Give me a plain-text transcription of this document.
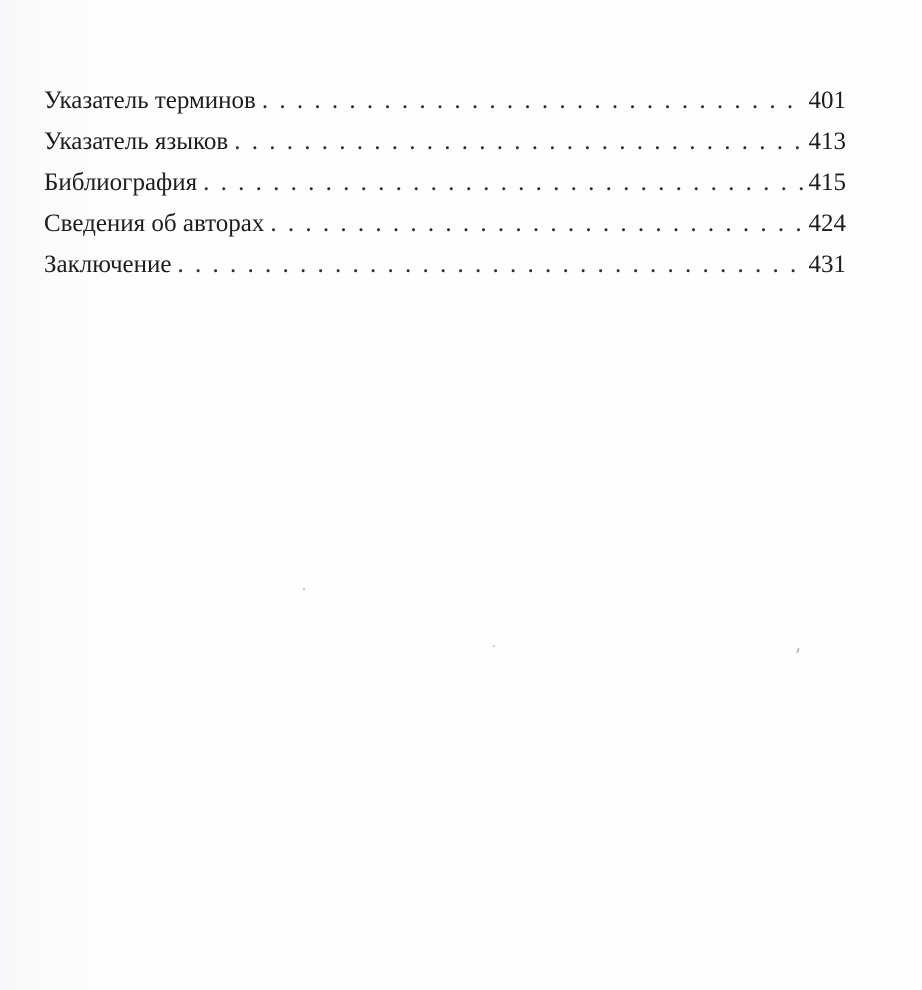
Указатель терминов . . .	401
Указатель языков . . .	413
Библиография . . .	415
Сведения об авторах . . .	424
Заключение . . .	431
